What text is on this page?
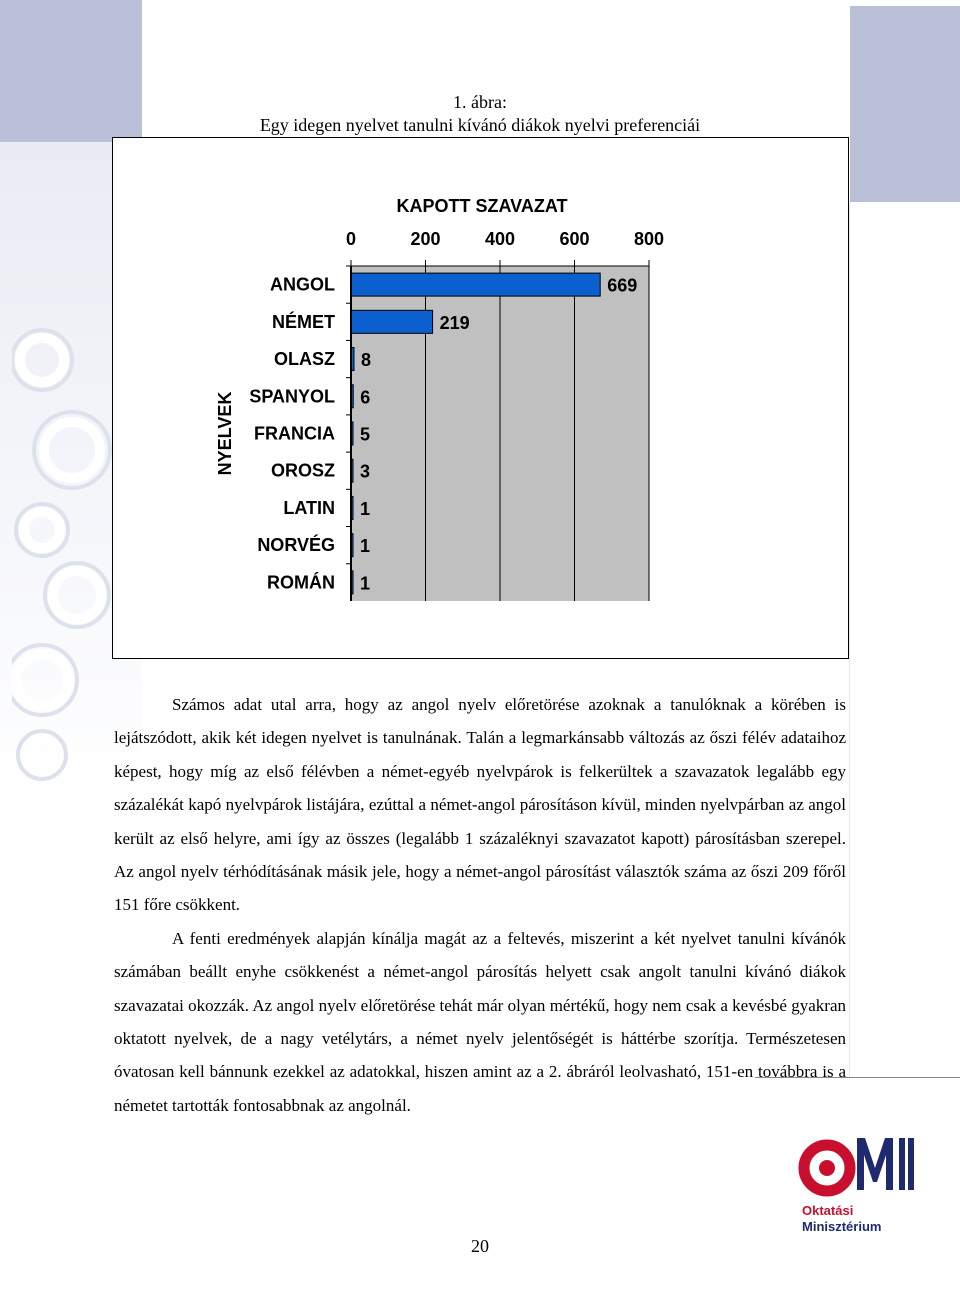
1. ábra:
Egy idegen nyelvet tanulni kívánó diákok nyelvi preferenciái
0	200 400 600 800
KAPOTT SZAVAZAT
NYELVEK
ANGOL	669
NÉMET	219
OLASZ 8
SPANYOL 6
FRANCIA 5
OROSZ 3
LATIN 1
NORVÉG 1
ROMÁN 1

Számos adat utal arra, hogy az angol nyelv előretörése azoknak a tanulóknak a körében is lejátszódott, akik két idegen nyelvet is tanulnának. Talán a legmarkánsabb változás az őszi félév adataihoz képest, hogy míg az első félévben a német-egyéb nyelvpárok is felkerültek a szavazatok legalább egy százalékát kapó nyelvpárok listájára, ezúttal a német-angol párosításon kívül, minden nyelvpárban az angol került az első helyre, ami így az összes (legalább 1 százaléknyi szavazatot kapott) párosításban szerepel. Az angol nyelv térhódításának másik jele, hogy a német-angol párosítást választók száma az őszi 209 főről 151 főre csökkent.

A fenti eredmények alapján kínálja magát az a feltevés, miszerint a két nyelvet tanulni kívánók számában beállt enyhe csökkenést a német-angol párosítás helyett csak angolt tanulni kívánó diákok szavazatai okozzák. Az angol nyelv előretörése tehát már olyan mértékű, hogy nem csak a kevésbé gyakran oktatott nyelvek, de a nagy vetélytárs, a német nyelv jelentőségét is háttérbe szorítja. Természetesen óvatosan kell bánnunk ezekkel az adatokkal, hiszen amint az a 2. ábráról leolvasható, 151-en továbbra is a németet tartották fontosabbnak az angolnál.

20
Oktatási
Minisztérium
